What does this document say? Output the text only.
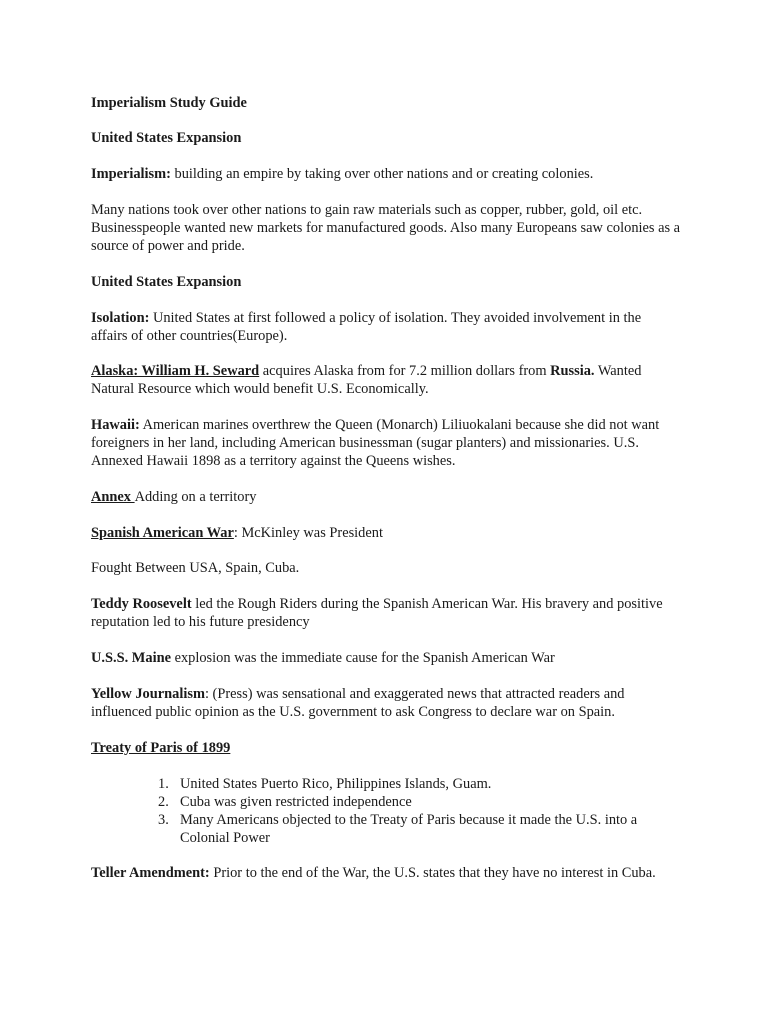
Imperialism Study Guide

United States Expansion

Imperialism: building an empire by taking over other nations and or creating colonies.

Many nations took over other nations to gain raw materials such as copper, rubber, gold, oil etc. Businesspeople wanted new markets for manufactured goods. Also many Europeans saw colonies as a source of power and pride.

United States Expansion

Isolation: United States at first followed a policy of isolation. They avoided involvement in the affairs of other countries(Europe).

Alaska: William H. Seward acquires Alaska from for 7.2 million dollars from Russia. Wanted Natural Resource which would benefit U.S. Economically.

Hawaii: American marines overthrew the Queen (Monarch) Liliuokalani because she did not want foreigners in her land, including American businessman (sugar planters) and missionaries. U.S. Annexed Hawaii 1898 as a territory against the Queens wishes.

Annex Adding on a territory

Spanish American War: McKinley was President

Fought Between USA, Spain, Cuba.

Teddy Roosevelt led the Rough Riders during the Spanish American War. His bravery and positive reputation led to his future presidency

U.S.S. Maine explosion was the immediate cause for the Spanish American War

Yellow Journalism: (Press) was sensational and exaggerated news that attracted readers and influenced public opinion as the U.S. government to ask Congress to declare war on Spain.

Treaty of Paris of 1899

1. United States Puerto Rico, Philippines Islands, Guam.
2. Cuba was given restricted independence
3. Many Americans objected to the Treaty of Paris because it made the U.S. into a Colonial Power

Teller Amendment: Prior to the end of the War, the U.S. states that they have no interest in Cuba.
